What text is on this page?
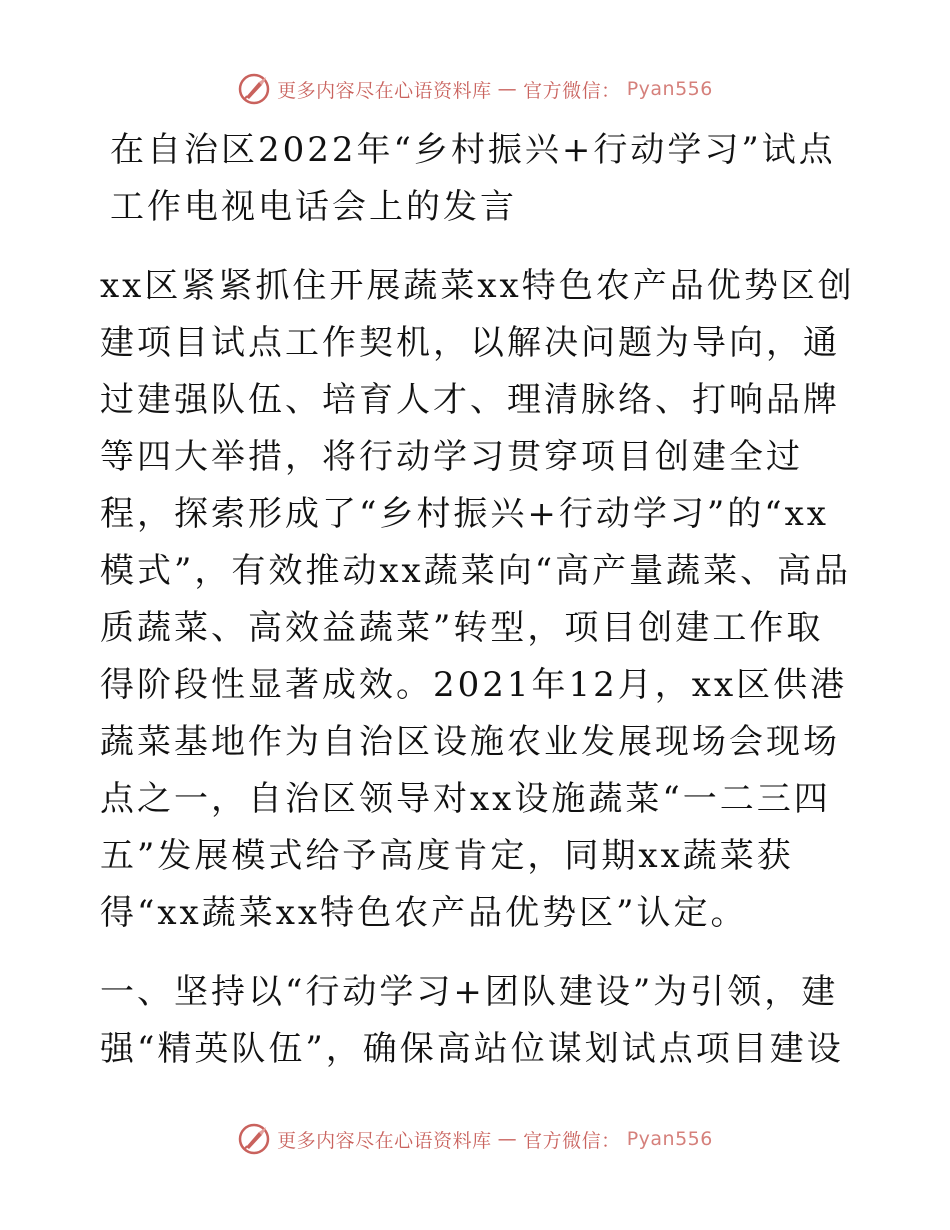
更多内容尽在心语资料库 — 官方微信： Pyan556
在自治区2022年“乡村振兴+行动学习”试点工作电视电话会上的发言

xx区紧紧抓住开展蔬菜xx特色农产品优势区创建项目试点工作契机，以解决问题为导向，通过建强队伍、培育人才、理清脉络、打响品牌等四大举措，将行动学习贯穿项目创建全过程，探索形成了“乡村振兴+行动学习”的“xx模式”，有效推动xx蔬菜向“高产量蔬菜、高品质蔬菜、高效益蔬菜”转型，项目创建工作取得阶段性显著成效。2021年12月，xx区供港蔬菜基地作为自治区设施农业发展现场会现场点之一，自治区领导对xx设施蔬菜“一二三四五”发展模式给予高度肯定，同期xx蔬菜获得“xx蔬菜xx特色农产品优势区”认定。

一、坚持以“行动学习+团队建设”为引领，建强“精英队伍”，确保高站位谋划试点项目建设

更多内容尽在心语资料库 — 官方微信： Pyan556
